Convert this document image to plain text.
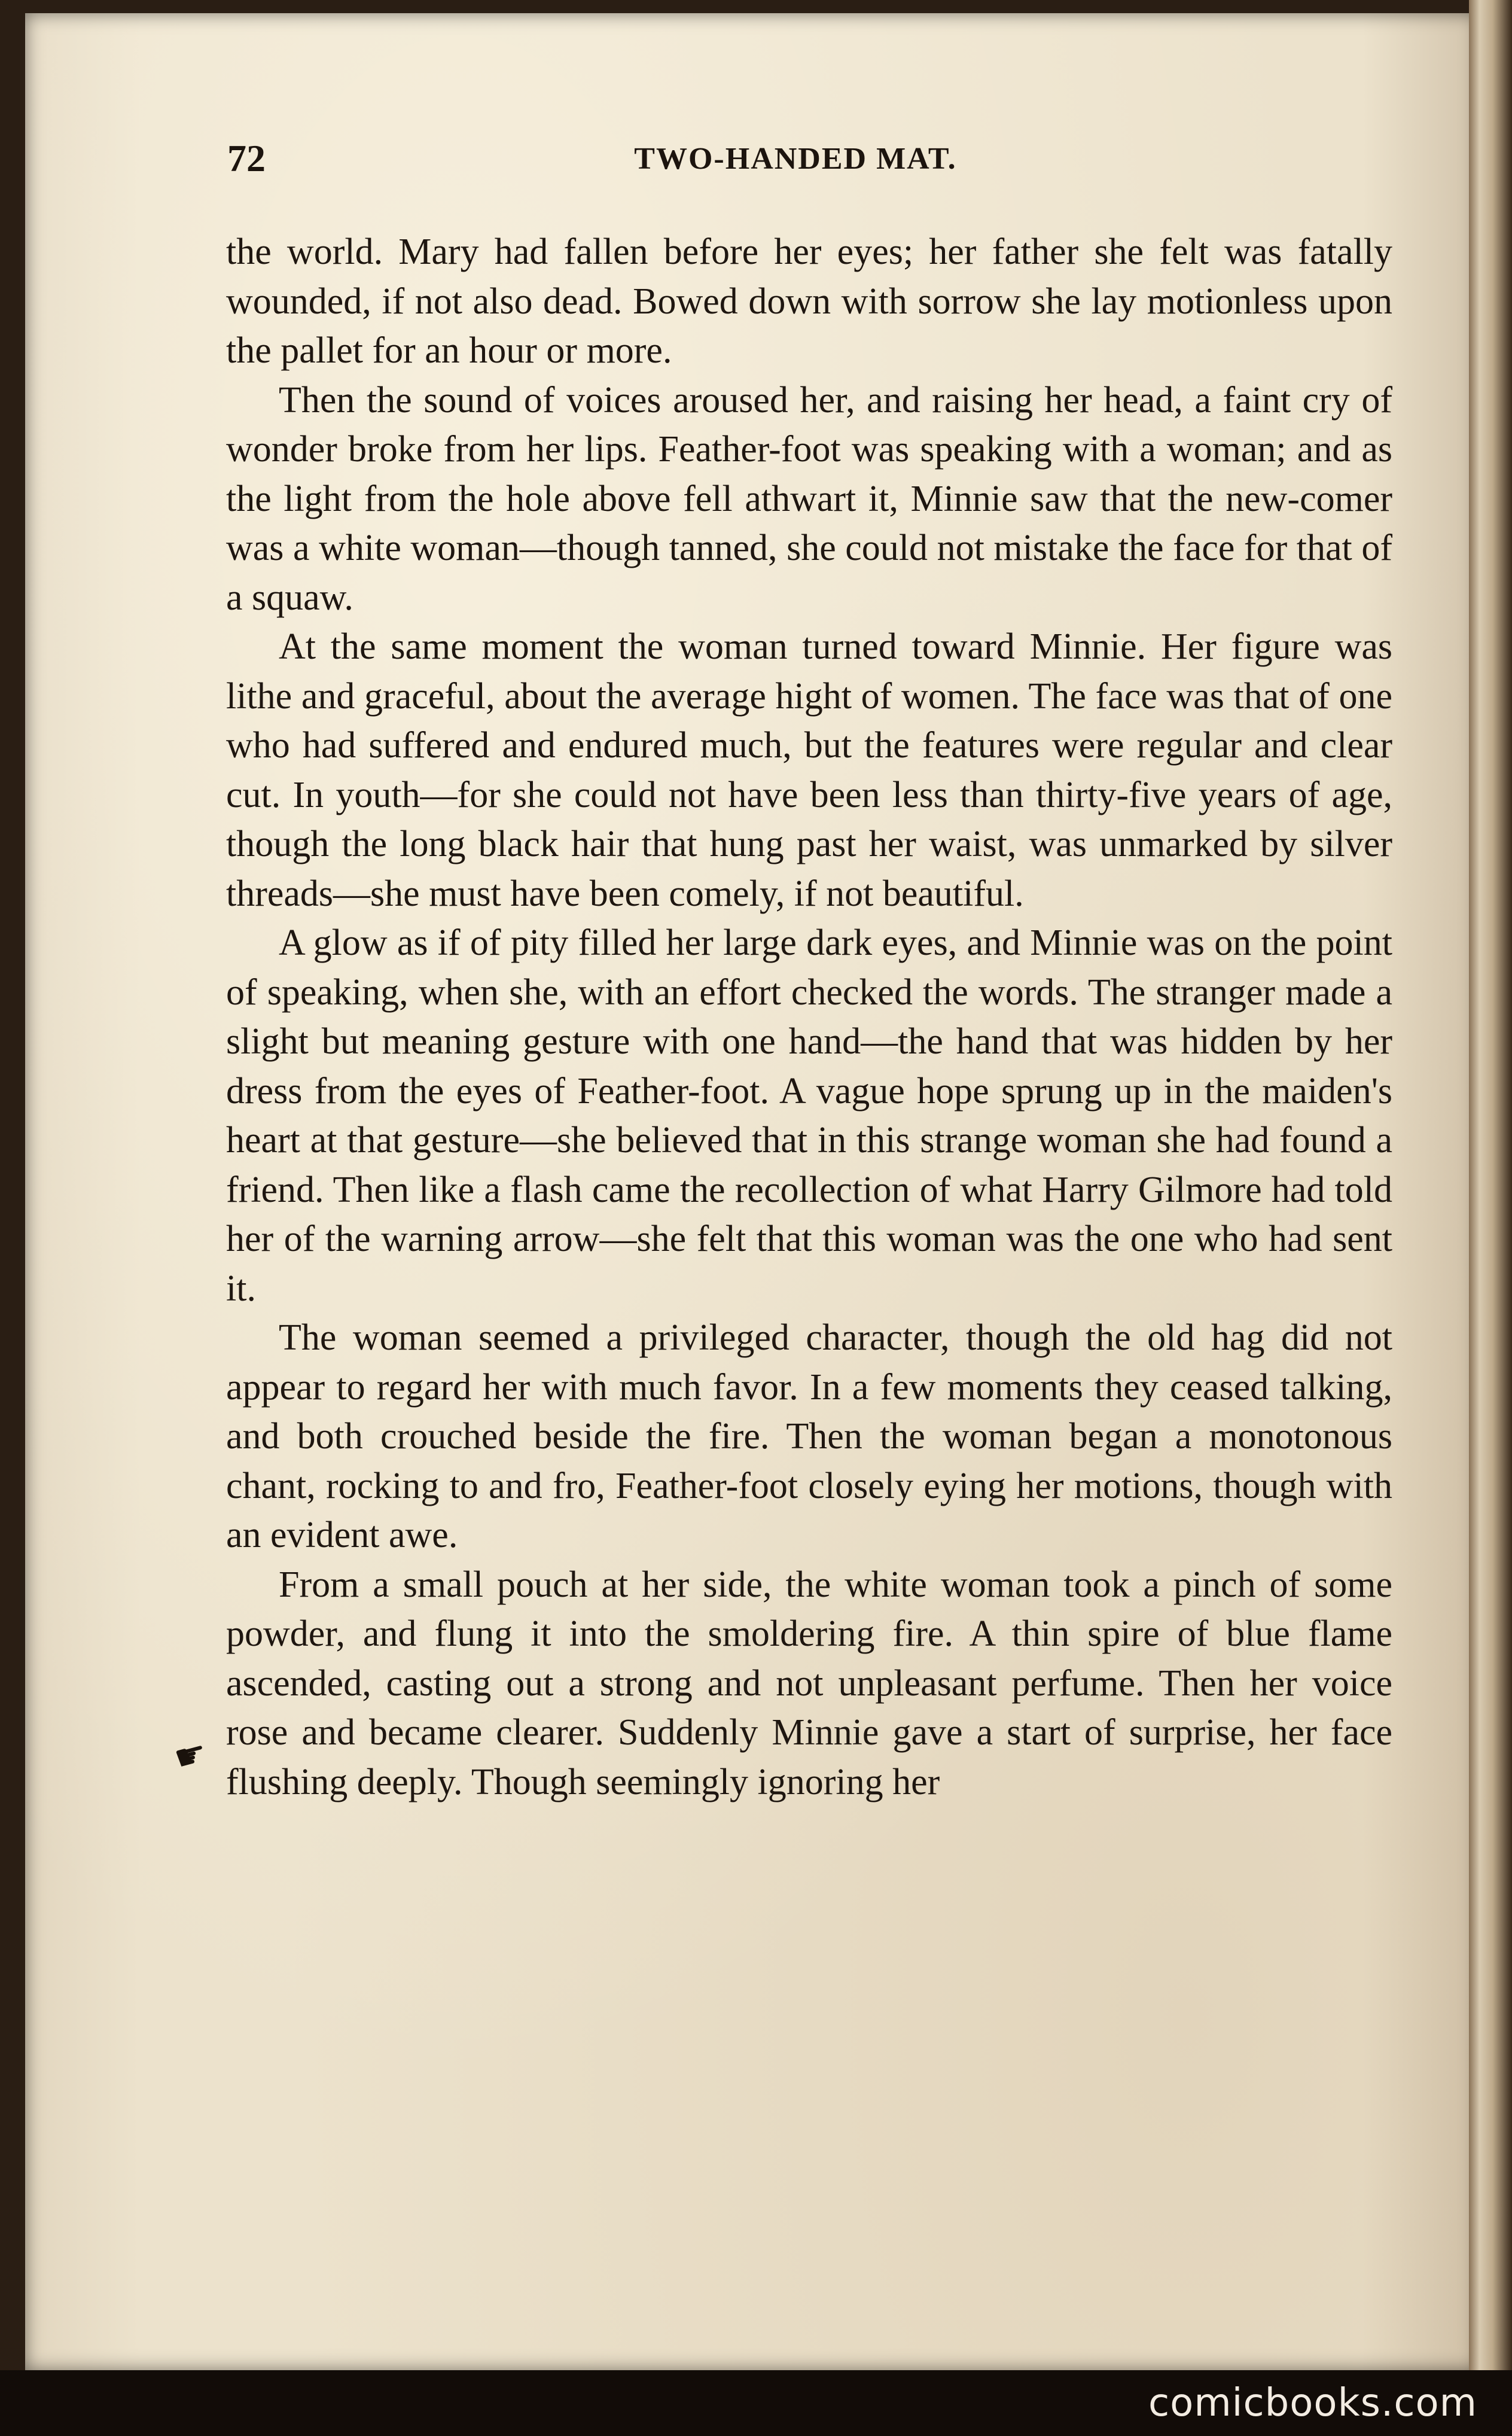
72	TWO-HANDED MAT.

the world. Mary had fallen before her eyes; her father she felt was fatally wounded, if not also dead. Bowed down with sorrow she lay motionless upon the pallet for an hour or more.

Then the sound of voices aroused her, and raising her head, a faint cry of wonder broke from her lips. Feather-foot was speaking with a woman; and as the light from the hole above fell athwart it, Minnie saw that the new-comer was a white woman—though tanned, she could not mistake the face for that of a squaw.

At the same moment the woman turned toward Minnie. Her figure was lithe and graceful, about the average hight of women. The face was that of one who had suffered and endured much, but the features were regular and clear cut. In youth—for she could not have been less than thirty-five years of age, though the long black hair that hung past her waist, was unmarked by silver threads—she must have been comely, if not beautiful.

A glow as if of pity filled her large dark eyes, and Minnie was on the point of speaking, when she, with an effort checked the words. The stranger made a slight but meaning gesture with one hand—the hand that was hidden by her dress from the eyes of Feather-foot. A vague hope sprung up in the maiden's heart at that gesture—she believed that in this strange woman she had found a friend. Then like a flash came the recollection of what Harry Gilmore had told her of the warning arrow—she felt that this woman was the one who had sent it.

The woman seemed a privileged character, though the old hag did not appear to regard her with much favor. In a few moments they ceased talking, and both crouched beside the fire. Then the woman began a monotonous chant, rocking to and fro, Feather-foot closely eying her motions, though with an evident awe.

From a small pouch at her side, the white woman took a pinch of some powder, and flung it into the smoldering fire. A thin spire of blue flame ascended, casting out a strong and not unpleasant perfume. Then her voice rose and became clearer. Suddenly Minnie gave a start of surprise, her face flushing deeply. Though seemingly ignoring her

☛
comicbooks.com
